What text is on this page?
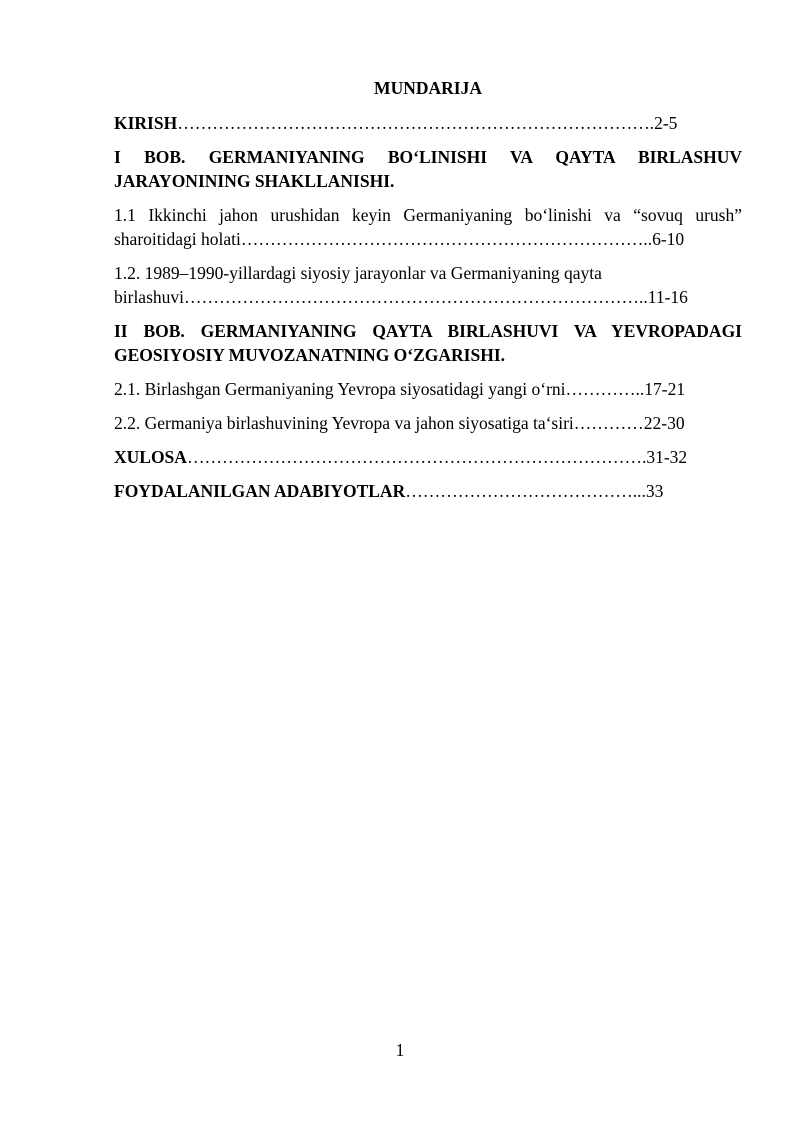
MUNDARIJA
KIRISH……………………………………………………………………….2-5
I BOB. GERMANIYANING BO‘LINISHI VA QAYTA BIRLASHUV JARAYONINING SHAKLLANISHI.
1.1 Ikkinchi jahon urushidan keyin Germaniyaning bo‘linishi va “sovuq urush”
sharoitidagi holati……………………………………………………………..6-10
1.2. 1989–1990-yillardagi siyosiy jarayonlar va Germaniyaning qayta
birlashuvi……………………………………………………………………..11-16
II BOB. GERMANIYANING QAYTA BIRLASHUVI VA YEVROPADAGI GEOSIYOSIY MUVOZANATNING O‘ZGARISHI.
2.1. Birlashgan Germaniyaning Yevropa siyosatidagi yangi o‘rni…………..17-21
2.2. Germaniya birlashuvining Yevropa va jahon siyosatiga ta‘siri…………22-30
XULOSA…………………………………………………………………….31-32
FOYDALANILGAN ADABIYOTLAR…………………………………...33
1
